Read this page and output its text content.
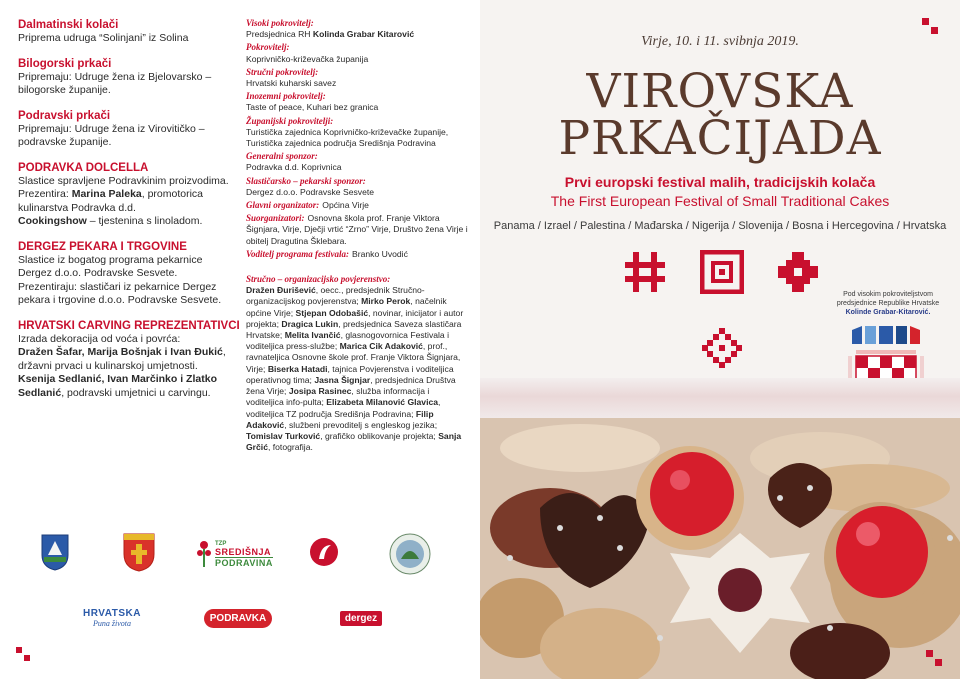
Dalmatinski kolači
Priprema udruga “Solinjani” iz Solina
Bilogorski prkači
Pripremaju: Udruge žena iz Bjelovarsko –
bilogorske županije.
Podravski prkači
Pripremaju: Udruge žena iz Virovitičko –
podravske županije.
PODRAVKA DOLCELLA
Slastice spravljene Podravkinim proizvodima.
Prezentira: Marina Paleka, promotorica
kulinarstva Podravka d.d.
Cookingshow – tjestenina s linoladom.
DERGEZ PEKARA I TRGOVINE
Slastice iz bogatog programa pekarnice
Dergez d.o.o. Podravske Sesvete.
Prezentiraju: slastičari iz pekarnice Dergez
pekara i trgovine d.o.o. Podravske Sesvete.
HRVATSKI CARVING REPREZENTATIVCI
Izrada dekoracija od voća i povrća:
Dražen Šafar, Marija Bošnjak i Ivan Đukić,
državni prvaci u kulinarskoj umjetnosti.
Ksenija Sedlanić, Ivan Marčinko i Zlatko
Sedlanić, podravski umjetnici u carvingu.
Visoki pokrovitelj:
Predsjednica RH Kolinda Grabar Kitarović
Pokrovitelj:
Koprivničko-križevačka županija
Stručni pokrovitelj:
Hrvatski kuharski savez
Inozemni pokrovitelj:
Taste of peace, Kuhari bez granica
Županijski pokrovitelji:
Turistička zajednica Koprivničko-križevačke županije, Turistička zajednica područja Središnja Podravina
Generalni sponzor:
Podravka d.d. Koprivnica
Slastičarsko – pekarski sponzor:
Dergez d.o.o. Podravske Sesvete
Glavni organizator: Općina Virje
Suorganizatori: Osnovna škola prof. Franje Viktora Šignjara, Virje, Dječji vrtić “Zrno” Virje, Društvo žena Virje i obitelj Dragutina Šklebara.
Voditelj programa festivala: Branko Uvodić
Stručno – organizacijsko povjerenstvo:
Dražen Đurišević, oecc., predsjednik Stručno-organizacijskog povjerenstva; Mirko Perok, načelnik općine Virje; Stjepan Odobašić, novinar, inicijator i autor projekta; Dragica Lukin, predsjednica Saveza slastičara Hrvatske; Melita Ivančić, glasnogovornica Festivala i voditeljica press-službe; Marica Cik Adaković, prof., ravnateljica Osnovne škole prof. Franje Viktora Šignjara, Virje; Biserka Hatadi, tajnica Povjerenstva i voditeljica operativnog tima; Jasna Šignjar, predsjednica Društva žena Virje; Josipa Rasinec, služba informacija i voditeljica info-pulta; Elizabeta Milanović Glavica, voditeljica TZ područja Središnja Podravina; Filip Adaković, službeni prevoditelj s engleskog jezika; Tomislav Turković, grafičko oblikovanje projekta; Sanja Grčić, fotografija.
TZP
SREDIŠNJA
PODRAVINA
HRVATSKA
Puna života	PODRAVKA	dergez
Virje, 10. i 11. svibnja 2019.
VIROVSKA
PRKAČIJADA
Prvi europski festival malih, tradicijskih kolača
The First European Festival of Small Traditional Cakes
Panama / Izrael / Palestina / Mađarska / Nigerija / Slovenija / Bosna i Hercegovina / Hrvatska
Pod visokim pokroviteljstvom
predsjednice Republike Hrvatske
Kolinde Grabar-Kitarović.
